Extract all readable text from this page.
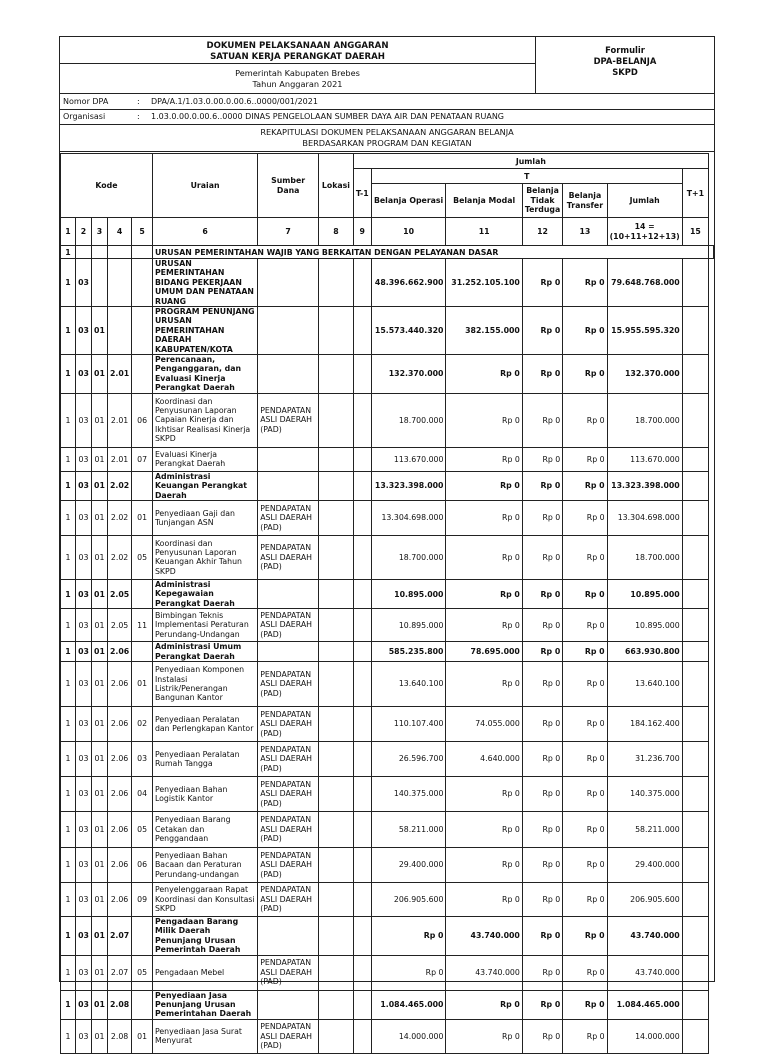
DOKUMEN PELAKSANAAN ANGGARAN
SATUAN KERJA PERANGKAT DAERAH
Pemerintah Kabupaten Brebes
Tahun Anggaran 2021
Formulir
DPA-BELANJA
SKPD
Nomor DPA	: DPA/A.1/1.03.0.00.0.00.6..0000/001/2021
Organisasi	: 1.03.0.00.0.00.6..0000 DINAS PENGELOLAAN SUMBER DAYA AIR DAN PENATAAN RUANG
REKAPITULASI DOKUMEN PELAKSANAAN ANGGARAN BELANJA
BERDASARKAN PROGRAM DAN KEGIATAN
Kode					Uraian	Sumber Dana	Lokasi	Jumlah							
								T-1	T					T+1	
									Belanja Operasi	Belanja Modal	Belanja Tidak Terduga	Belanja Transfer	Jumlah		
1	2	3	4	5	6	7	8	9	10	11	12	13	14 = (10+11+12+13)	15	
1					URUSAN PEMERINTAHAN WAJIB YANG BERKAITAN DENGAN PELAYANAN DASAR										
1	03				URUSAN PEMERINTAHAN BIDANG PEKERJAAN UMUM DAN PENATAAN RUANG				48.396.662.900	31.252.105.100	Rp 0	Rp 0	79.648.768.000		
1	03	01			PROGRAM PENUNJANG URUSAN PEMERINTAHAN DAERAH KABUPATEN/KOTA				15.573.440.320	382.155.000	Rp 0	Rp 0	15.955.595.320		
1	03	01	2.01		Perencanaan, Penganggaran, dan Evaluasi Kinerja Perangkat Daerah				132.370.000	Rp 0	Rp 0	Rp 0	132.370.000		
1	03	01	2.01	06	Koordinasi dan Penyusunan Laporan Capaian Kinerja dan Ikhtisar Realisasi Kinerja SKPD	PENDAPATAN ASLI DAERAH (PAD)			18.700.000	Rp 0	Rp 0	Rp 0	18.700.000		
1	03	01	2.01	07	Evaluasi Kinerja Perangkat Daerah				113.670.000	Rp 0	Rp 0	Rp 0	113.670.000		
1	03	01	2.02		Administrasi Keuangan Perangkat Daerah				13.323.398.000	Rp 0	Rp 0	Rp 0	13.323.398.000		
1	03	01	2.02	01	Penyediaan Gaji dan Tunjangan ASN	PENDAPATAN ASLI DAERAH (PAD)			13.304.698.000	Rp 0	Rp 0	Rp 0	13.304.698.000		
1	03	01	2.02	05	Koordinasi dan Penyusunan Laporan Keuangan Akhir Tahun SKPD	PENDAPATAN ASLI DAERAH (PAD)			18.700.000	Rp 0	Rp 0	Rp 0	18.700.000		
1	03	01	2.05		Administrasi Kepegawaian Perangkat Daerah				10.895.000	Rp 0	Rp 0	Rp 0	10.895.000		
1	03	01	2.05	11	Bimbingan Teknis Implementasi Peraturan Perundang-Undangan	PENDAPATAN ASLI DAERAH (PAD)			10.895.000	Rp 0	Rp 0	Rp 0	10.895.000		
1	03	01	2.06		Administrasi Umum Perangkat Daerah				585.235.800	78.695.000	Rp 0	Rp 0	663.930.800		
1	03	01	2.06	01	Penyediaan Komponen Instalasi Listrik/Penerangan Bangunan Kantor	PENDAPATAN ASLI DAERAH (PAD)			13.640.100	Rp 0	Rp 0	Rp 0	13.640.100		
1	03	01	2.06	02	Penyediaan Peralatan dan Perlengkapan Kantor	PENDAPATAN ASLI DAERAH (PAD)			110.107.400	74.055.000	Rp 0	Rp 0	184.162.400		
1	03	01	2.06	03	Penyediaan Peralatan Rumah Tangga	PENDAPATAN ASLI DAERAH (PAD)			26.596.700	4.640.000	Rp 0	Rp 0	31.236.700		
1	03	01	2.06	04	Penyediaan Bahan Logistik Kantor	PENDAPATAN ASLI DAERAH (PAD)			140.375.000	Rp 0	Rp 0	Rp 0	140.375.000		
1	03	01	2.06	05	Penyediaan Barang Cetakan dan Penggandaan	PENDAPATAN ASLI DAERAH (PAD)			58.211.000	Rp 0	Rp 0	Rp 0	58.211.000		
1	03	01	2.06	06	Penyediaan Bahan Bacaan dan Peraturan Perundang-undangan	PENDAPATAN ASLI DAERAH (PAD)			29.400.000	Rp 0	Rp 0	Rp 0	29.400.000		
1	03	01	2.06	09	Penyelenggaraan Rapat Koordinasi dan Konsultasi SKPD	PENDAPATAN ASLI DAERAH (PAD)			206.905.600	Rp 0	Rp 0	Rp 0	206.905.600		
1	03	01	2.07		Pengadaan Barang Milik Daerah Penunjang Urusan Pemerintah Daerah				Rp 0	43.740.000	Rp 0	Rp 0	43.740.000		
1	03	01	2.07	05	Pengadaan Mebel	PENDAPATAN ASLI DAERAH (PAD)			Rp 0	43.740.000	Rp 0	Rp 0	43.740.000		
1	03	01	2.08		Penyediaan Jasa Penunjang Urusan Pemerintahan Daerah				1.084.465.000	Rp 0	Rp 0	Rp 0	1.084.465.000		
1	03	01	2.08	01	Penyediaan Jasa Surat Menyurat	PENDAPATAN ASLI DAERAH (PAD)			14.000.000	Rp 0	Rp 0	Rp 0	14.000.000		
